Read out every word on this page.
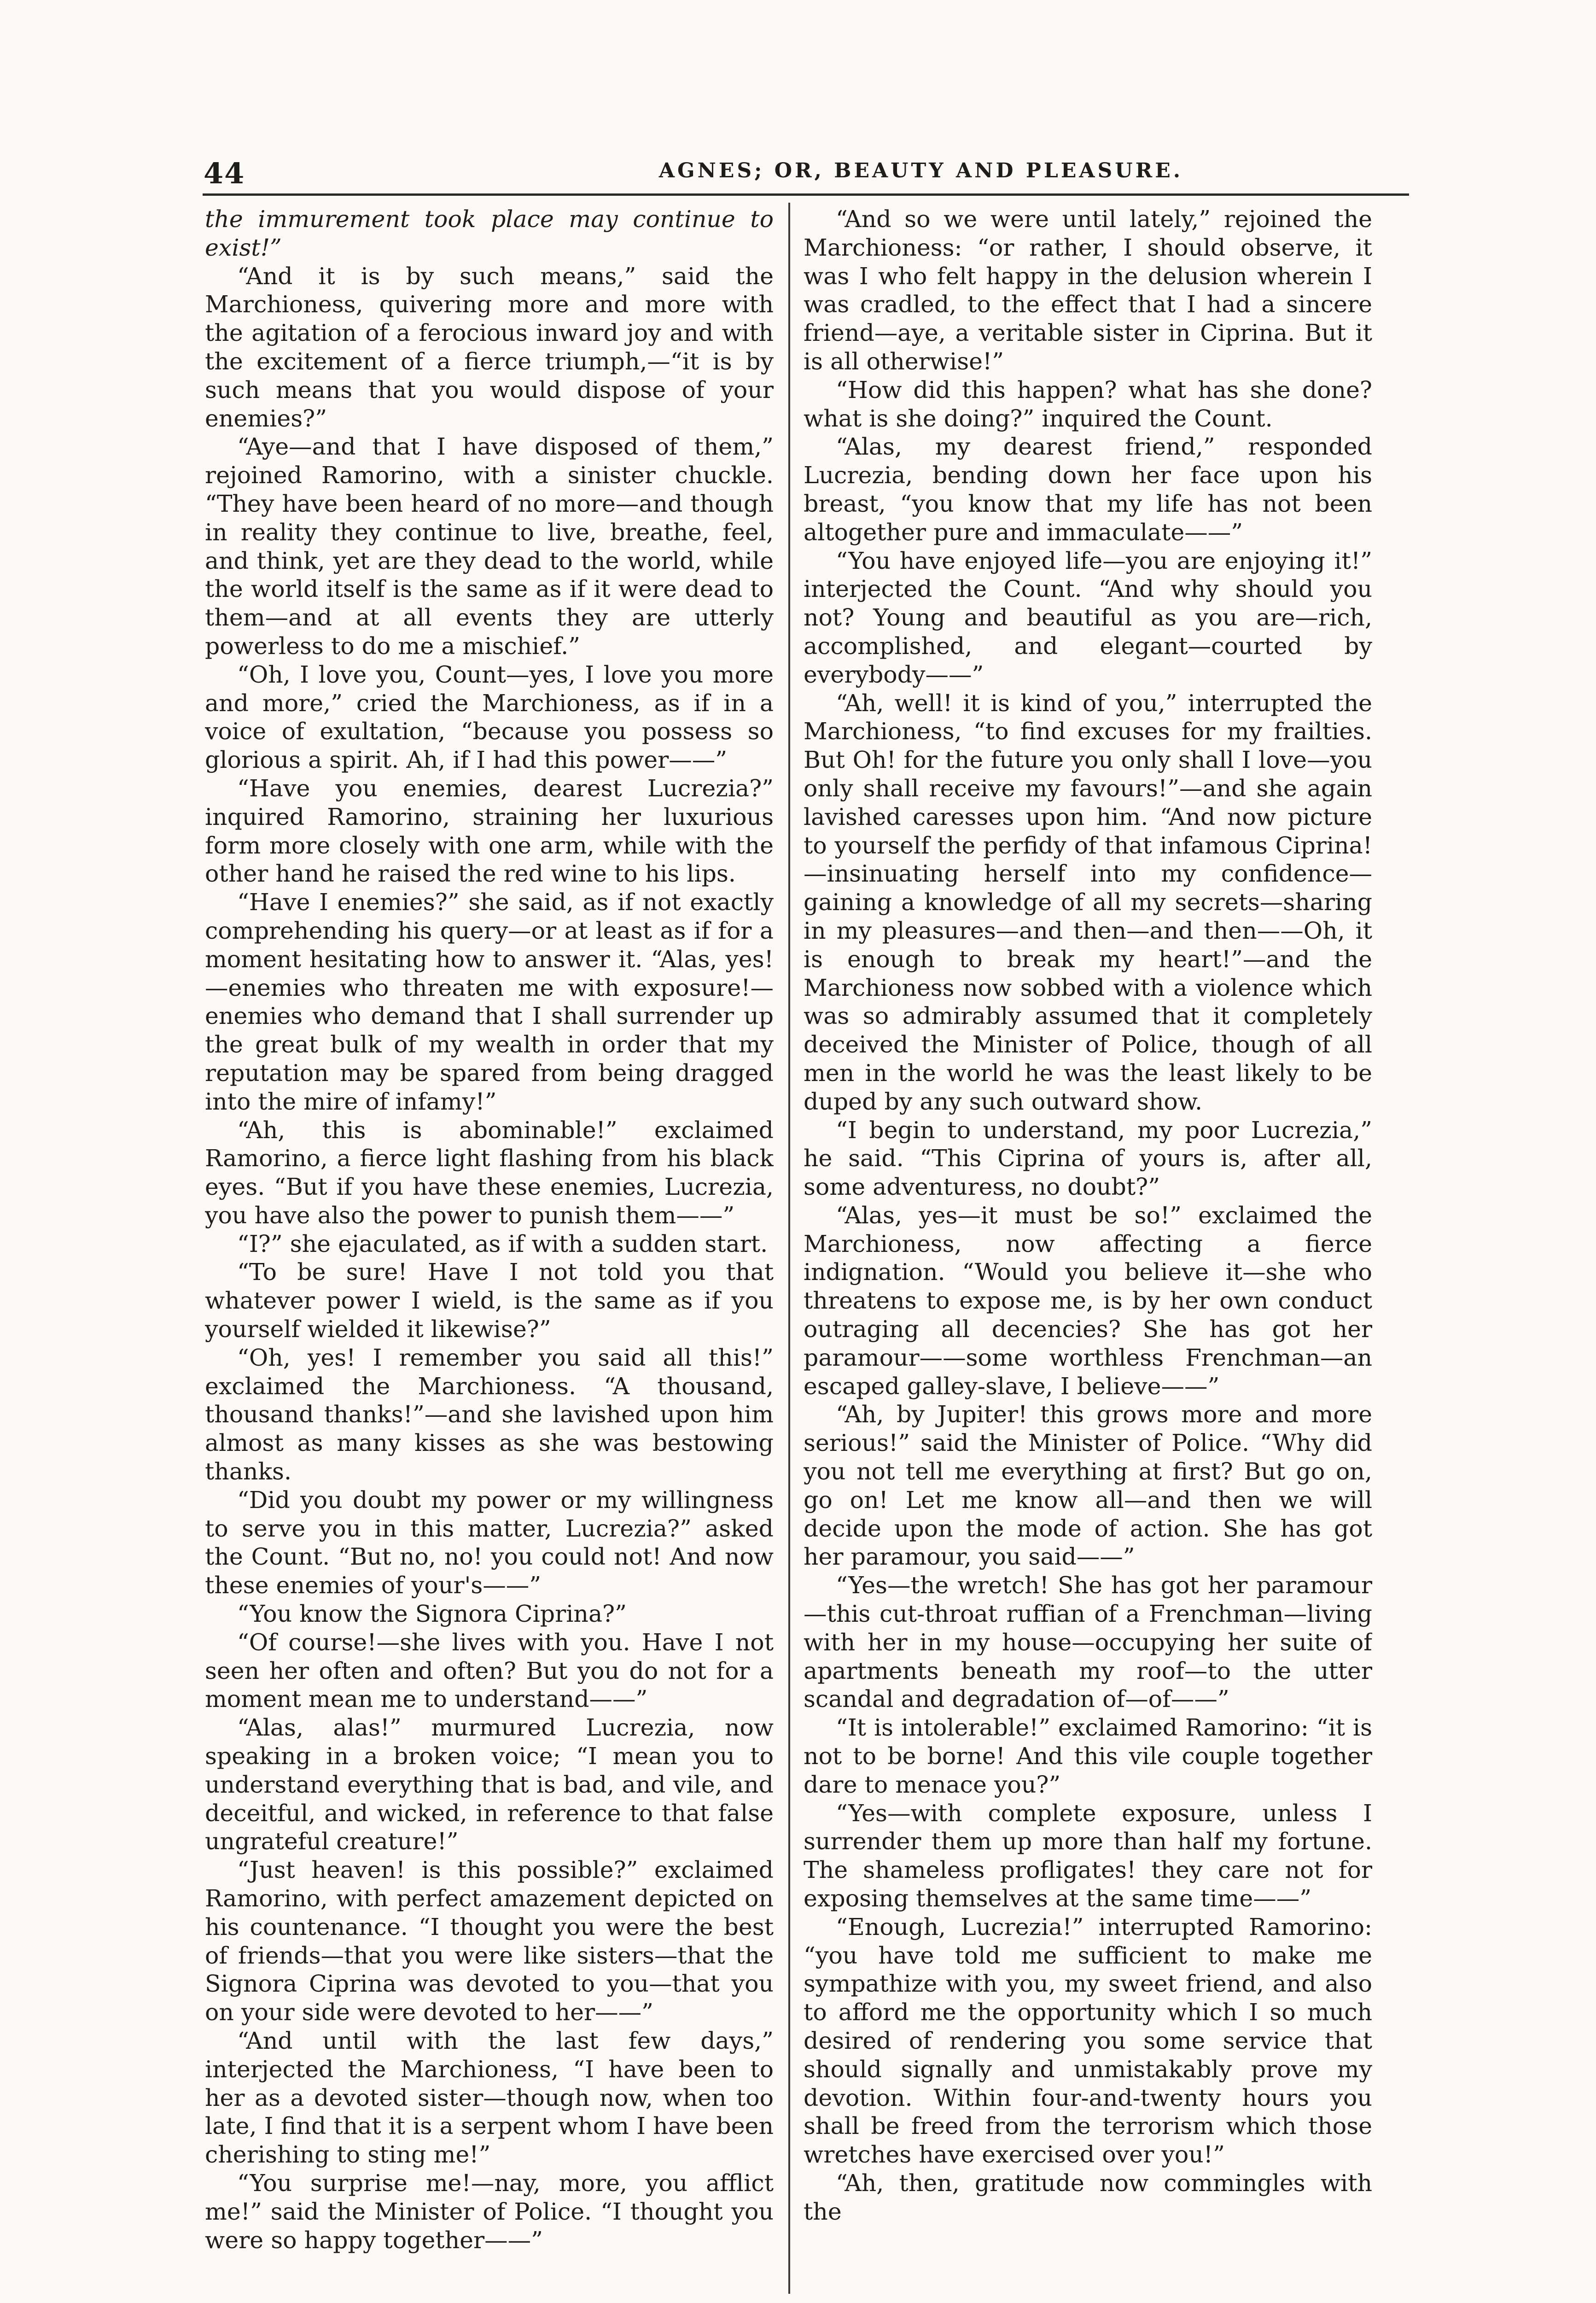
44	AGNES; OR, BEAUTY AND PLEASURE.

the immurement took place may continue to exist!”

“And it is by such means,” said the Marchioness, quivering more and more with the agitation of a ferocious inward joy and with the excitement of a fierce triumph,—“it is by such means that you would dispose of your enemies?”

“Aye—and that I have disposed of them,” rejoined Ramorino, with a sinister chuckle. “They have been heard of no more—and though in reality they continue to live, breathe, feel, and think, yet are they dead to the world, while the world itself is the same as if it were dead to them—and at all events they are utterly powerless to do me a mischief.”

“Oh, I love you, Count—yes, I love you more and more,” cried the Marchioness, as if in a voice of exultation, “because you possess so glorious a spirit. Ah, if I had this power——”

“Have you enemies, dearest Lucrezia?” inquired Ramorino, straining her luxurious form more closely with one arm, while with the other hand he raised the red wine to his lips.

“Have I enemies?” she said, as if not exactly comprehending his query—or at least as if for a moment hesitating how to answer it. “Alas, yes! —enemies who threaten me with exposure!—enemies who demand that I shall surrender up the great bulk of my wealth in order that my reputation may be spared from being dragged into the mire of infamy!”

“Ah, this is abominable!” exclaimed Ramorino, a fierce light flashing from his black eyes. “But if you have these enemies, Lucrezia, you have also the power to punish them——”

“I?” she ejaculated, as if with a sudden start.

“To be sure! Have I not told you that whatever power I wield, is the same as if you yourself wielded it likewise?”

“Oh, yes! I remember you said all this!” exclaimed the Marchioness. “A thousand, thousand thanks!”—and she lavished upon him almost as many kisses as she was bestowing thanks.

“Did you doubt my power or my willingness to serve you in this matter, Lucrezia?” asked the Count. “But no, no! you could not! And now these enemies of your's——”

“You know the Signora Ciprina?”

“Of course!—she lives with you. Have I not seen her often and often? But you do not for a moment mean me to understand——”

“Alas, alas!” murmured Lucrezia, now speaking in a broken voice; “I mean you to understand everything that is bad, and vile, and deceitful, and wicked, in reference to that false ungrateful creature!”

“Just heaven! is this possible?” exclaimed Ramorino, with perfect amazement depicted on his countenance. “I thought you were the best of friends—that you were like sisters—that the Signora Ciprina was devoted to you—that you on your side were devoted to her——”

“And until with the last few days,” interjected the Marchioness, “I have been to her as a devoted sister—though now, when too late, I find that it is a serpent whom I have been cherishing to sting me!”

“You surprise me!—nay, more, you afflict me!” said the Minister of Police. “I thought you were so happy together——”

“And so we were until lately,” rejoined the Marchioness: “or rather, I should observe, it was I who felt happy in the delusion wherein I was cradled, to the effect that I had a sincere friend—aye, a veritable sister in Ciprina. But it is all otherwise!”

“How did this happen? what has she done? what is she doing?” inquired the Count.

“Alas, my dearest friend,” responded Lucrezia, bending down her face upon his breast, “you know that my life has not been altogether pure and immaculate——”

“You have enjoyed life—you are enjoying it!” interjected the Count. “And why should you not? Young and beautiful as you are—rich, accomplished, and elegant—courted by everybody——”

“Ah, well! it is kind of you,” interrupted the Marchioness, “to find excuses for my frailties. But Oh! for the future you only shall I love—you only shall receive my favours!”—and she again lavished caresses upon him. “And now picture to yourself the perfidy of that infamous Ciprina!—insinuating herself into my confidence—gaining a knowledge of all my secrets—sharing in my pleasures—and then—and then——Oh, it is enough to break my heart!”—and the Marchioness now sobbed with a violence which was so admirably assumed that it completely deceived the Minister of Police, though of all men in the world he was the least likely to be duped by any such outward show.

“I begin to understand, my poor Lucrezia,” he said. “This Ciprina of yours is, after all, some adventuress, no doubt?”

“Alas, yes—it must be so!” exclaimed the Marchioness, now affecting a fierce indignation. “Would you believe it—she who threatens to expose me, is by her own conduct outraging all decencies? She has got her paramour——some worthless Frenchman—an escaped galley-slave, I believe——”

“Ah, by Jupiter! this grows more and more serious!” said the Minister of Police. “Why did you not tell me everything at first? But go on, go on! Let me know all—and then we will decide upon the mode of action. She has got her paramour, you said——”

“Yes—the wretch! She has got her paramour —this cut-throat ruffian of a Frenchman—living with her in my house—occupying her suite of apartments beneath my roof—to the utter scandal and degradation of—of——”

“It is intolerable!” exclaimed Ramorino: “it is not to be borne! And this vile couple together dare to menace you?”

“Yes—with complete exposure, unless I surrender them up more than half my fortune. The shameless profligates! they care not for exposing themselves at the same time——”

“Enough, Lucrezia!” interrupted Ramorino: “you have told me sufficient to make me sympathize with you, my sweet friend, and also to afford me the opportunity which I so much desired of rendering you some service that should signally and unmistakably prove my devotion. Within four-and-twenty hours you shall be freed from the terrorism which those wretches have exercised over you!”

“Ah, then, gratitude now commingles with the
